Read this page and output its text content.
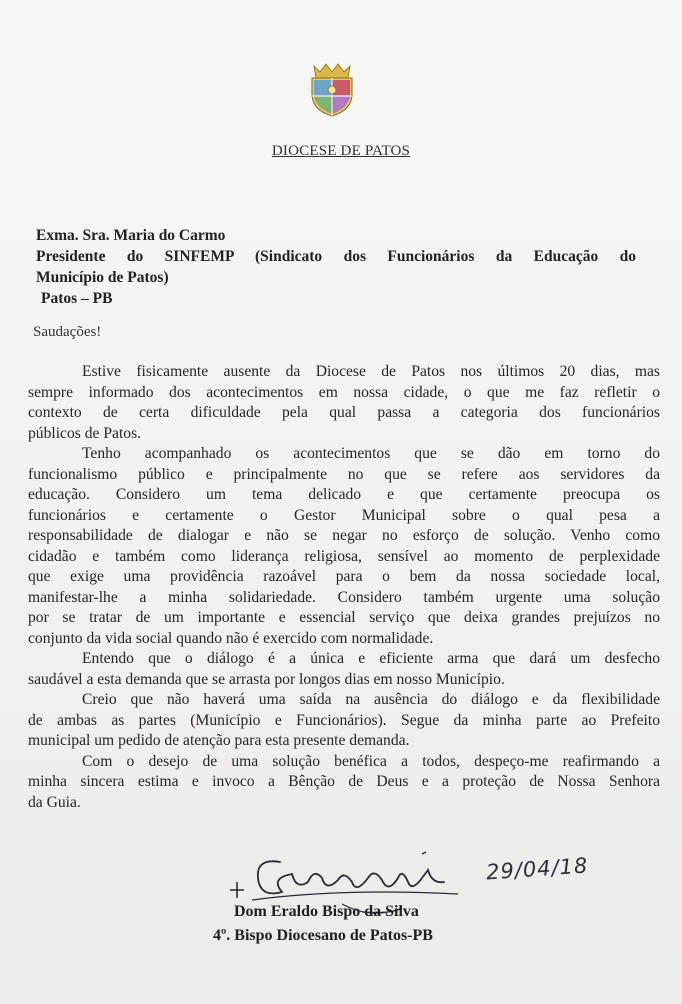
DIOCESE DE PATOS
Exma. Sra. Maria do Carmo
Presidente do SINFEMP (Sindicato dos Funcionários da Educação do
Município de Patos)
Patos – PB
Saudações!
Estive fisicamente ausente da Diocese de Patos nos últimos 20 dias, mas
sempre informado dos acontecimentos em nossa cidade, o que me faz refletir o
contexto de certa dificuldade pela qual passa a categoria dos funcionários
públicos de Patos.
Tenho acompanhado os acontecimentos que se dão em torno do
funcionalismo público e principalmente no que se refere aos servidores da
educação. Considero um tema delicado e que certamente preocupa os
funcionários e certamente o Gestor Municipal sobre o qual pesa a
responsabilidade de dialogar e não se negar no esforço de solução. Venho como
cidadão e também como liderança religiosa, sensível ao momento de perplexidade
que exige uma providência razoável para o bem da nossa sociedade local,
manifestar-lhe a minha solidariedade. Considero também urgente uma solução
por se tratar de um importante e essencial serviço que deixa grandes prejuízos no
conjunto da vida social quando não é exercido com normalidade.
Entendo que o diálogo é a única e eficiente arma que dará um desfecho
saudável a esta demanda que se arrasta por longos dias em nosso Município.
Creio que não haverá uma saída na ausência do diálogo e da flexibilidade
de ambas as partes (Município e Funcionários). Segue da minha parte ao Prefeito
municipal um pedido de atenção para esta presente demanda.
Com o desejo de uma solução benéfica a todos, despeço-me reafirmando a
minha sincera estima e invoco a Bênção de Deus e a proteção de Nossa Senhora
da Guia.
29/04/18
Dom Eraldo Bispo da Silva
4º. Bispo Diocesano de Patos-PB
